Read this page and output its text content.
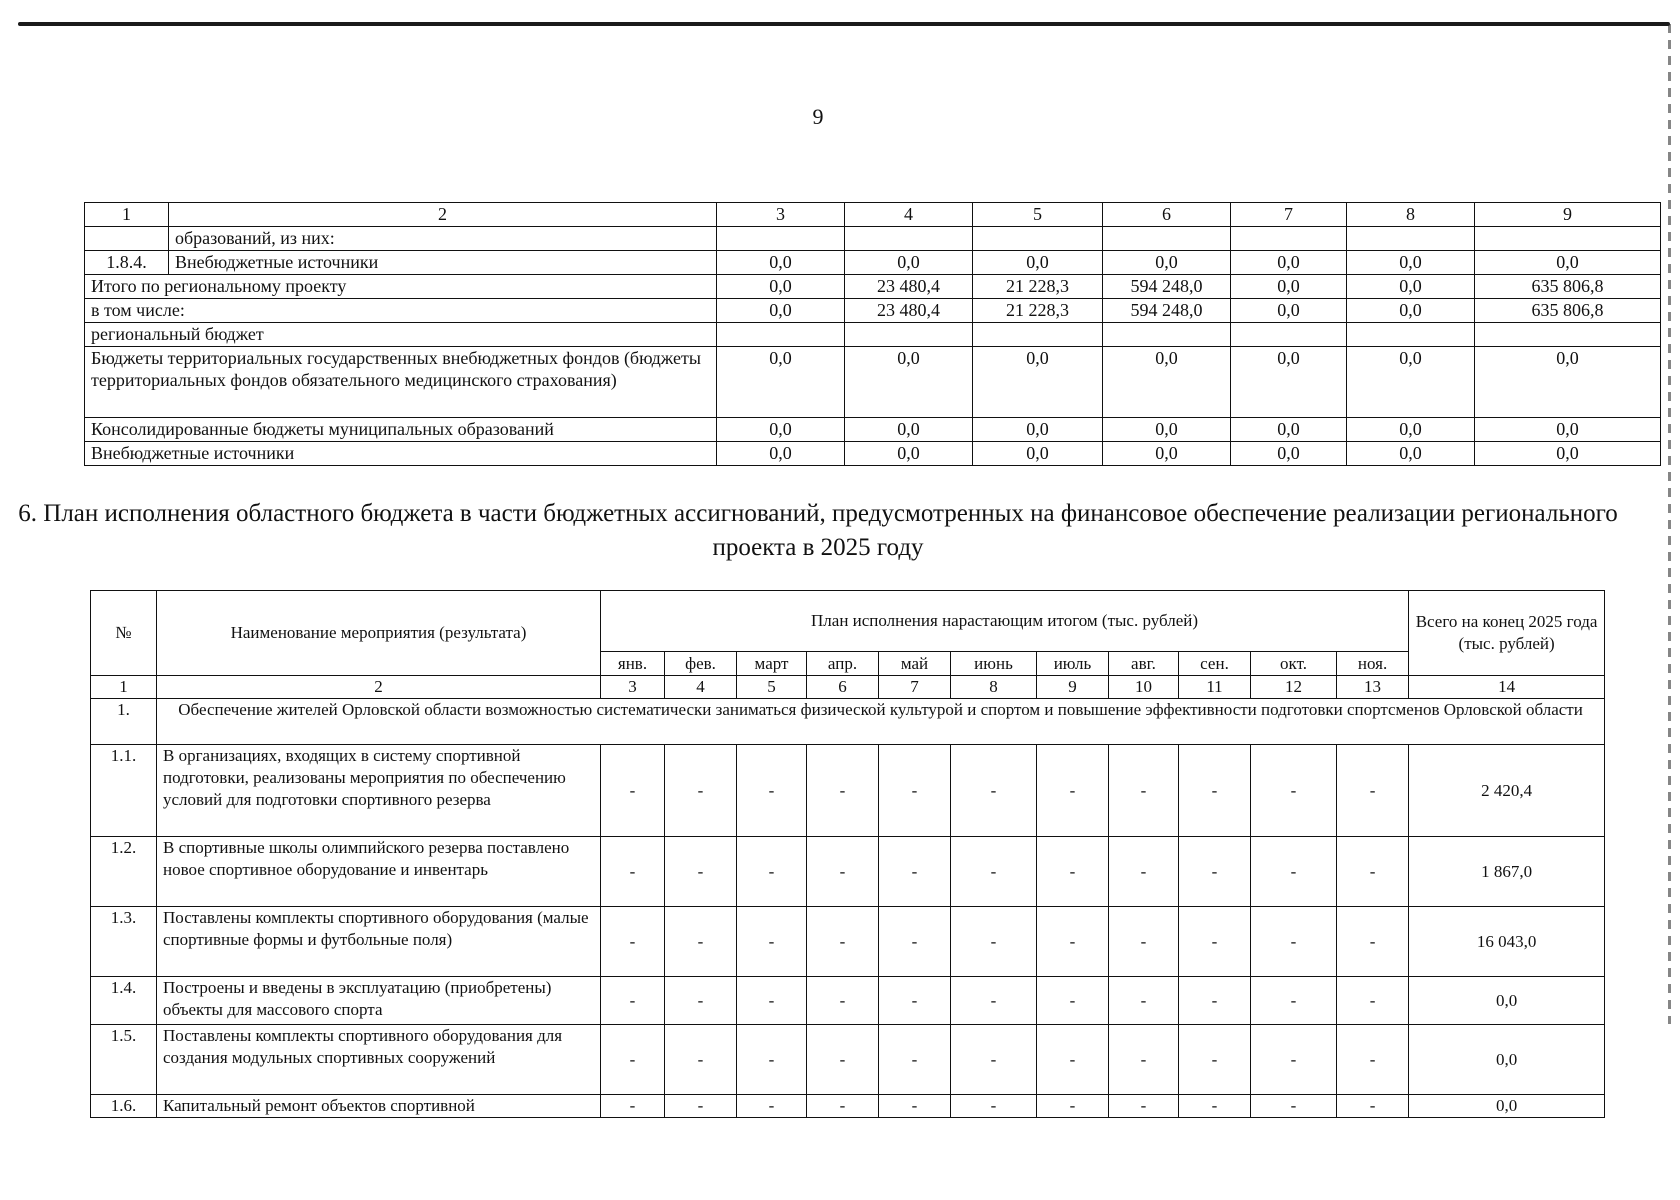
9
1	2	3	4	5	6	7	8	9
	образований, из них:							
1.8.4.	Внебюджетные источники	0,0	0,0	0,0	0,0	0,0	0,0	0,0
Итого по региональному проекту		0,0	23 480,4	21 228,3	594 248,0	0,0	0,0	635 806,8
в том числе:		0,0	23 480,4	21 228,3	594 248,0	0,0	0,0	635 806,8
региональный бюджет								
Бюджеты территориальных государственных внебюджетных фондов (бюджеты территориальных фондов обязательного медицинского страхования)		0,0	0,0	0,0	0,0	0,0	0,0	0,0
Консолидированные бюджеты муниципальных образований		0,0	0,0	0,0	0,0	0,0	0,0	0,0
Внебюджетные источники		0,0	0,0	0,0	0,0	0,0	0,0	0,0
6. План исполнения областного бюджета в части бюджетных ассигнований, предусмотренных на финансовое обеспечение реализации регионального проекта в 2025 году
№	Наименование мероприятия (результата)	План исполнения нарастающим итогом (тыс. рублей)											Всего на конец 2025 года (тыс. рублей)
		янв.	фев.	март	апр.	май	июнь	июль	авг.	сен.	окт.	ноя.	
1	2	3	4	5	6	7	8	9	10	11	12	13	14
1.	Обеспечение жителей Орловской области возможностью систематически заниматься физической культурой и спортом и повышение эффективности подготовки спортсменов Орловской области												
1.1.	В организациях, входящих в систему спортивной подготовки, реализованы мероприятия по обеспечению условий для подготовки спортивного резерва	-	-	-	-	-	-	-	-	-	-	-	2 420,4
1.2.	В спортивные школы олимпийского резерва поставлено новое спортивное оборудование и инвентарь	-	-	-	-	-	-	-	-	-	-	-	1 867,0
1.3.	Поставлены комплекты спортивного оборудования (малые спортивные формы и футбольные поля)	-	-	-	-	-	-	-	-	-	-	-	16 043,0
1.4.	Построены и введены в эксплуатацию (приобретены) объекты для массового спорта	-	-	-	-	-	-	-	-	-	-	-	0,0
1.5.	Поставлены комплекты спортивного оборудования для создания модульных спортивных сооружений	-	-	-	-	-	-	-	-	-	-	-	0,0
1.6.	Капитальный ремонт объектов спортивной	-	-	-	-	-	-	-	-	-	-	-	0,0
